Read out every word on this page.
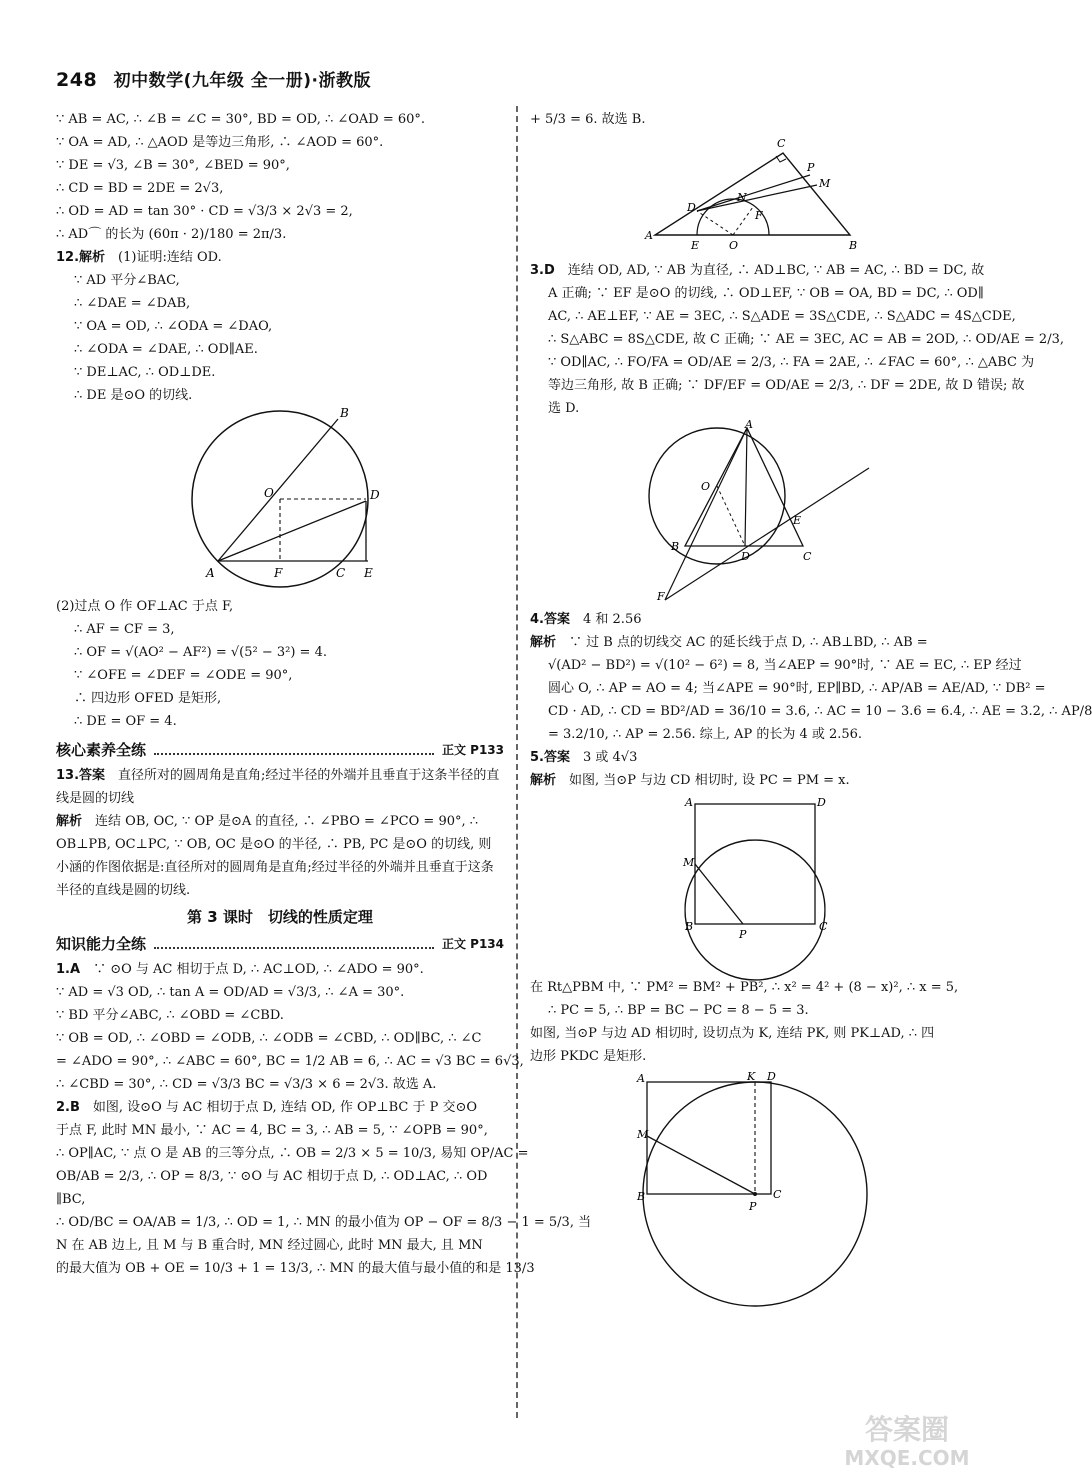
248 初中数学(九年级 全一册)·浙教版
∵ AB = AC, ∴ ∠B = ∠C = 30°, BD = OD, ∴ ∠OAD = 60°.
∵ OA = AD, ∴ △AOD 是等边三角形, ∴ ∠AOD = 60°.
∵ DE = √3, ∠B = 30°, ∠BED = 90°,
∴ CD = BD = 2DE = 2√3,
∴ OD = AD = tan 30° · CD = √3/3 × 2√3 = 2,
∴ AD⌒ 的长为 (60π · 2)/180 = 2π/3.
12.解析　 (1)证明:连结 OD.
∵ AD 平分∠BAC,
∴ ∠DAE = ∠DAB,
∵ OA = OD, ∴ ∠ODA = ∠DAO,
∴ ∠ODA = ∠DAE, ∴ OD∥AE.
∵ DE⊥AC, ∴ OD⊥DE.
∴ DE 是⊙O 的切线.
B
O	D
A	F	C E
(2)过点 O 作 OF⊥AC 于点 F,
∴ AF = CF = 3,
∴ OF = √(AO² − AF²) = √(5² − 3²) = 4.
∵ ∠OFE = ∠DEF = ∠ODE = 90°,
∴ 四边形 OFED 是矩形,
∴ DE = OF = 4.
核心素养全练	正文 P133
13.答案　 直径所对的圆周角是直角;经过半径的外端并且垂直于这条半径的直线是圆的切线
解析　 连结 OB, OC, ∵ OP 是⊙A 的直径, ∴ ∠PBO = ∠PCO = 90°, ∴ OB⊥PB, OC⊥PC, ∵ OB, OC 是⊙O 的半径, ∴ PB, PC 是⊙O 的切线, 则小涵的作图依据是:直径所对的圆周角是直角;经过半径的外端并且垂直于这条半径的直线是圆的切线.
第 3 课时　切线的性质定理
知识能力全练	正文 P134
1.A　 ∵ ⊙O 与 AC 相切于点 D, ∴ AC⊥OD, ∴ ∠ADO = 90°.
∵ AD = √3 OD, ∴ tan A = OD/AD = √3/3, ∴ ∠A = 30°.
∵ BD 平分∠ABC, ∴ ∠OBD = ∠CBD.
∵ OB = OD, ∴ ∠OBD = ∠ODB, ∴ ∠ODB = ∠CBD, ∴ OD∥BC, ∴ ∠C
= ∠ADO = 90°, ∴ ∠ABC = 60°, BC = 1/2 AB = 6, ∴ AC = √3 BC = 6√3,
∴ ∠CBD = 30°, ∴ CD = √3/3 BC = √3/3 × 6 = 2√3. 故选 A.
2.B　 如图, 设⊙O 与 AC 相切于点 D, 连结 OD, 作 OP⊥BC 于 P 交⊙O
于点 F, 此时 MN 最小, ∵ AC = 4, BC = 3, ∴ AB = 5, ∵ ∠OPB = 90°,
∴ OP∥AC, ∵ 点 O 是 AB 的三等分点, ∴ OB = 2/3 × 5 = 10/3, 易知 OP/AC =
OB/AB = 2/3, ∴ OP = 8/3, ∵ ⊙O 与 AC 相切于点 D, ∴ OD⊥AC, ∴ OD
∥BC,
∴ OD/BC = OA/AB = 1/3, ∴ OD = 1, ∴ MN 的最小值为 OP − OF = 8/3 − 1 = 5/3, 当
N 在 AB 边上, 且 M 与 B 重合时, MN 经过圆心, 此时 MN 最大, 且 MN
的最大值为 OB + OE = 10/3 + 1 = 13/3, ∴ MN 的最大值与最小值的和是 13/3
+ 5/3 = 6. 故选 B.
C
P
M
N
D
F
A
E	O	B
3.D　 连结 OD, AD, ∵ AB 为直径, ∴ AD⊥BC, ∵ AB = AC, ∴ BD = DC, 故
A 正确; ∵ EF 是⊙O 的切线, ∴ OD⊥EF, ∵ OB = OA, BD = DC, ∴ OD∥
AC, ∴ AE⊥EF, ∵ AE = 3EC, ∴ S△ADE = 3S△CDE, ∴ S△ADC = 4S△CDE,
∴ S△ABC = 8S△CDE, 故 C 正确; ∵ AE = 3EC, AC = AB = 2OD, ∴ OD/AE = 2/3,
∵ OD∥AC, ∴ FO/FA = OD/AE = 2/3, ∴ FA = 2AE, ∴ ∠FAC = 60°, ∴ △ABC 为
等边三角形, 故 B 正确; ∵ DF/EF = OD/AE = 2/3, ∴ DF = 2DE, 故 D 错误; 故
选 D.
A
O
E
B
D	C
F
4.答案　 4 和 2.56
解析　 ∵ 过 B 点的切线交 AC 的延长线于点 D, ∴ AB⊥BD, ∴ AB =
√(AD² − BD²) = √(10² − 6²) = 8, 当∠AEP = 90°时, ∵ AE = EC, ∴ EP 经过
圆心 O, ∴ AP = AO = 4; 当∠APE = 90°时, EP∥BD, ∴ AP/AB = AE/AD, ∵ DB² =
CD · AD, ∴ CD = BD²/AD = 36/10 = 3.6, ∴ AC = 10 − 3.6 = 6.4, ∴ AE = 3.2, ∴ AP/8
= 3.2/10, ∴ AP = 2.56. 综上, AP 的长为 4 或 2.56.
5.答案　 3 或 4√3
解析　 如图, 当⊙P 与边 CD 相切时, 设 PC = PM = x.
A	D
M
B
P
C
在 Rt△PBM 中, ∵ PM² = BM² + PB², ∴ x² = 4² + (8 − x)², ∴ x = 5,
∴ PC = 5, ∴ BP = BC − PC = 8 − 5 = 3.
如图, 当⊙P 与边 AD 相切时, 设切点为 K, 连结 PK, 则 PK⊥AD, ∴ 四
边形 PKDC 是矩形.
A	K D
M
B	C
P
答案圈
MXQE.COM
